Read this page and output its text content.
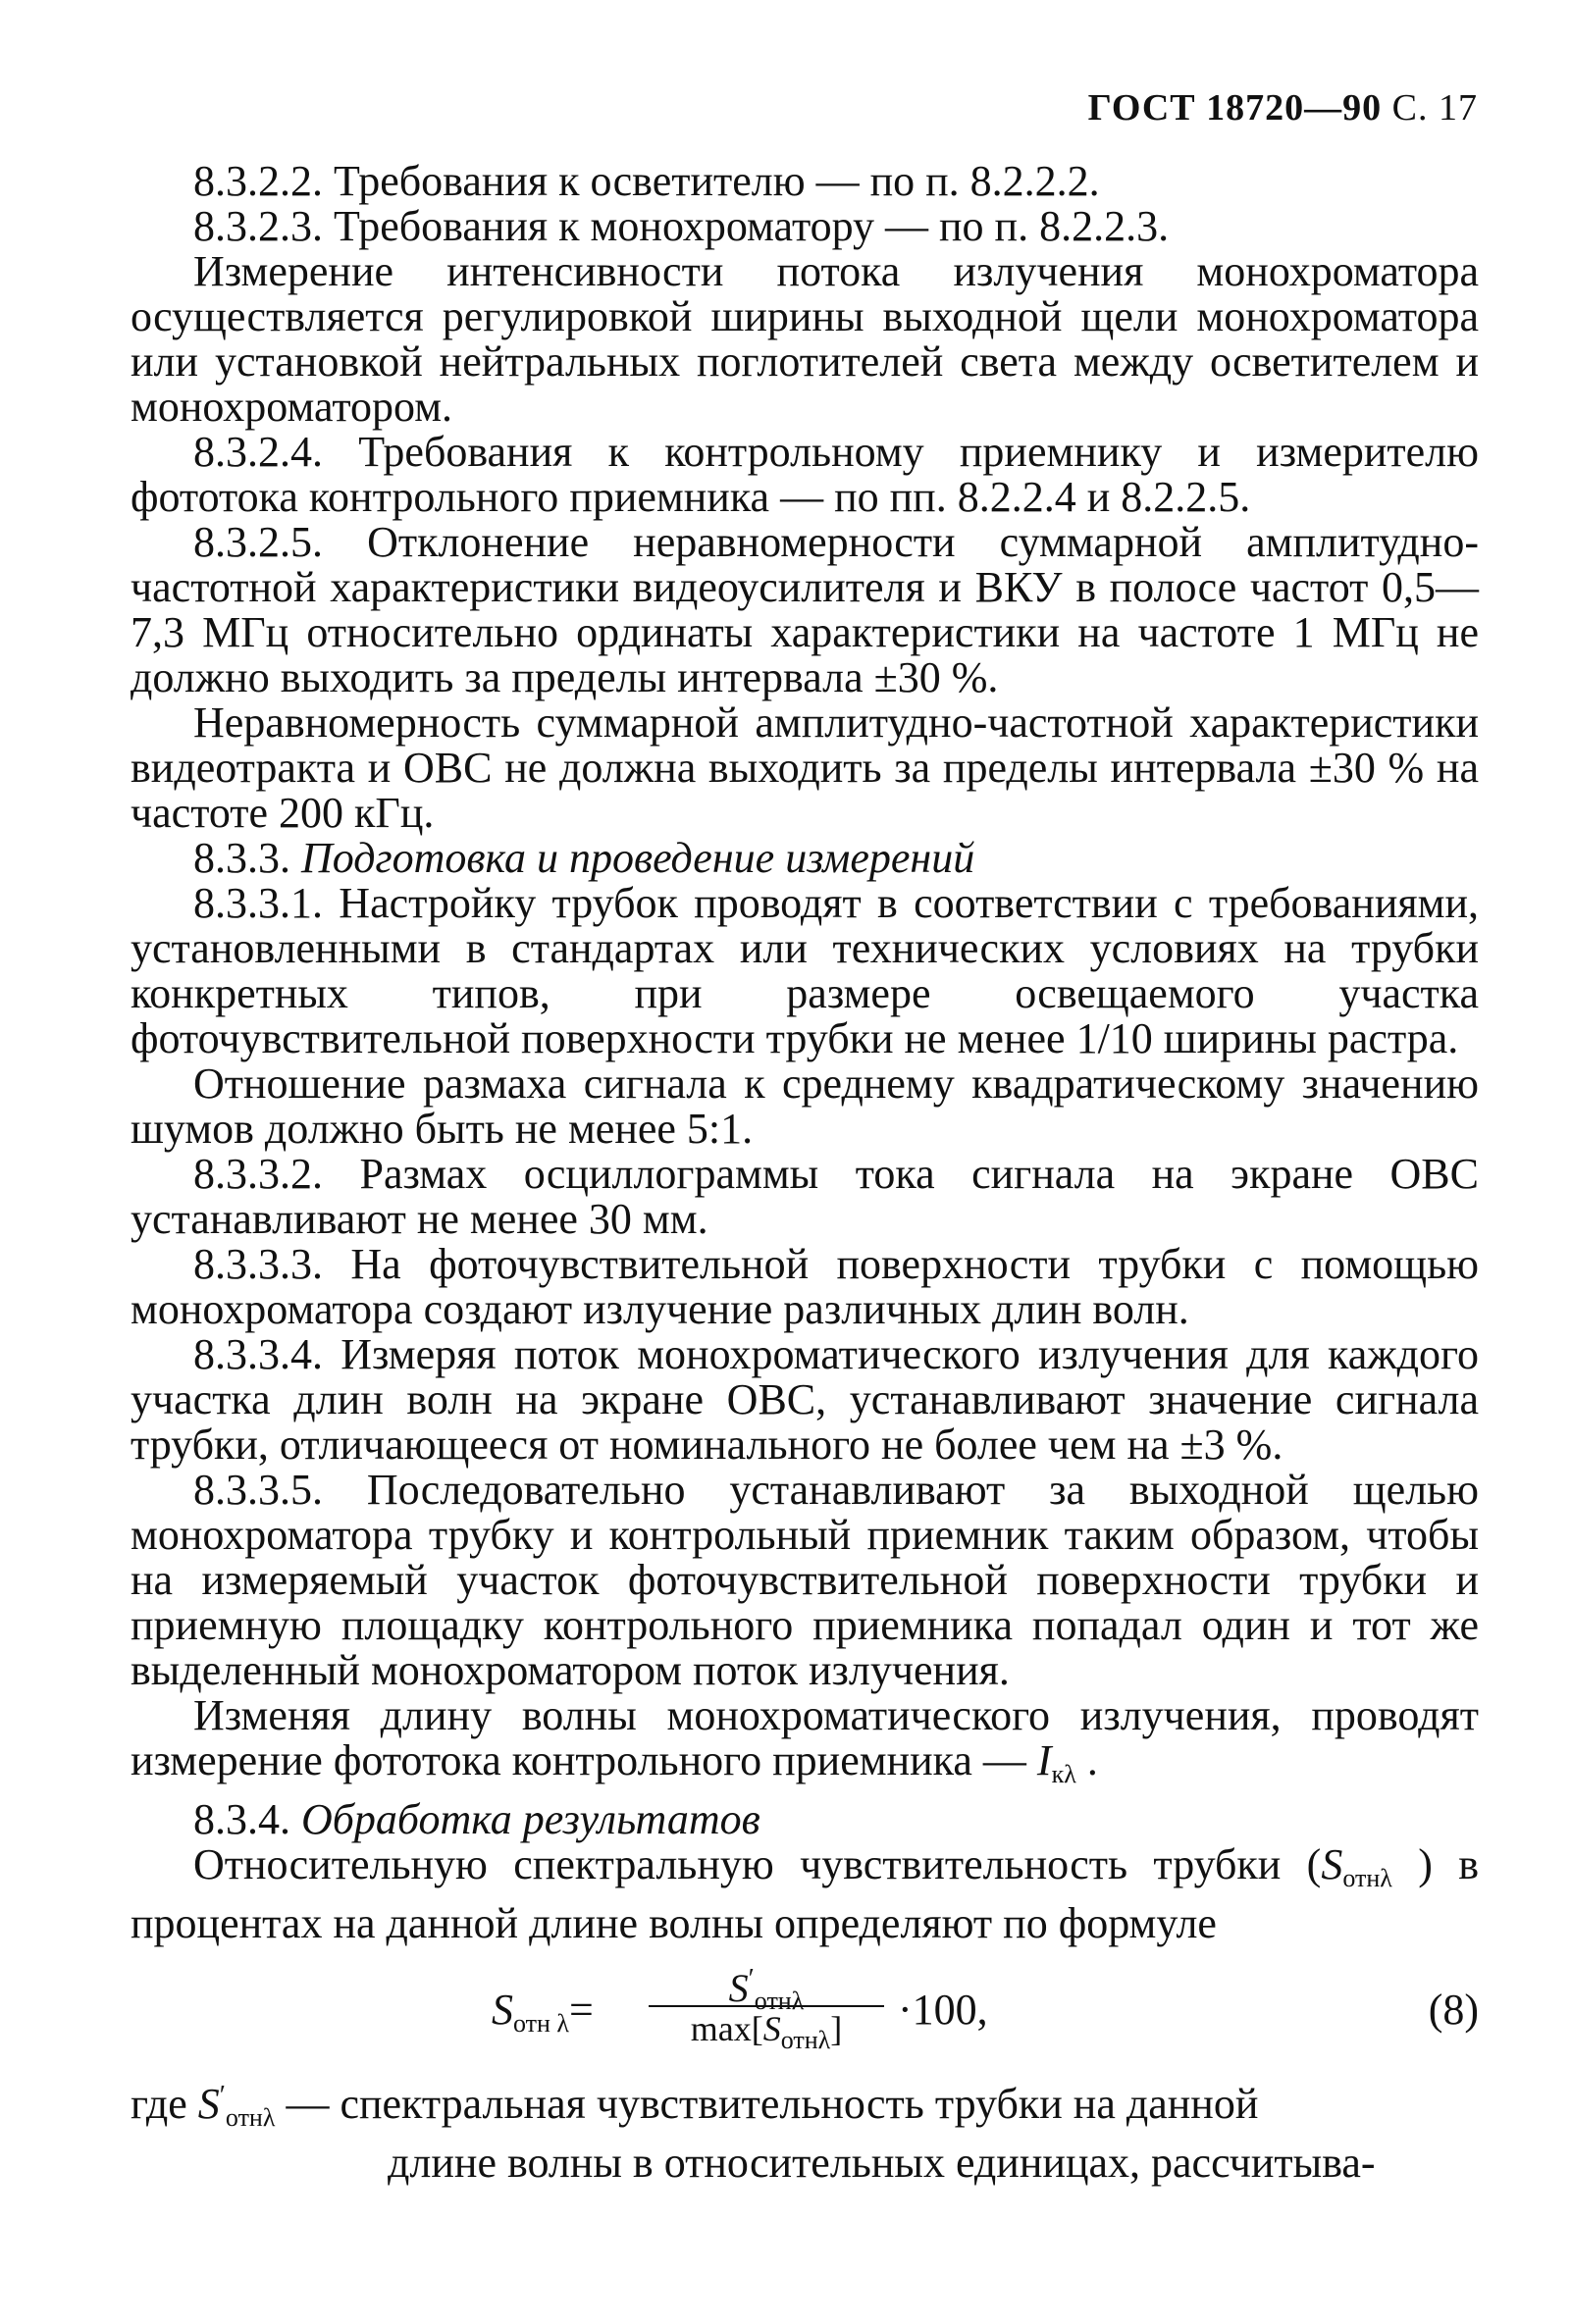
ГОСТ 18720—90 С. 17

8.3.2.2. Требования к осветителю — по п. 8.2.2.2.

8.3.2.3. Требования к монохроматору — по п. 8.2.2.3.

Измерение интенсивности потока излучения монохроматора осуществляется регулировкой ширины выходной щели монохроматора или установкой нейтральных поглотителей света между осветителем и монохроматором.

8.3.2.4. Требования к контрольному приемнику и измерителю фототока контрольного приемника — по пп. 8.2.2.4 и 8.2.2.5.

8.3.2.5. Отклонение неравномерности суммарной амплитудно-частотной характеристики видеоусилителя и ВКУ в полосе частот 0,5—7,3 МГц относительно ординаты характеристики на частоте 1 МГц не должно выходить за пределы интервала ±30 %.

Неравномерность суммарной амплитудно-частотной характеристики видеотракта и ОВС не должна выходить за пределы интервала ±30 % на частоте 200 кГц.

8.3.3. Подготовка и проведение измерений

8.3.3.1. Настройку трубок проводят в соответствии с требованиями, установленными в стандартах или технических условиях на трубки конкретных типов, при размере освещаемого участка фоточувствительной поверхности трубки не менее 1/10 ширины растра.

Отношение размаха сигнала к среднему квадратическому значению шумов должно быть не менее 5:1.

8.3.3.2. Размах осциллограммы тока сигнала на экране ОВС устанавливают не менее 30 мм.

8.3.3.3. На фоточувствительной поверхности трубки с помощью монохроматора создают излучение различных длин волн.

8.3.3.4. Измеряя поток монохроматического излучения для каждого участка длин волн на экране ОВС, устанавливают значение сигнала трубки, отличающееся от номинального не более чем на ±3 %.

8.3.3.5. Последовательно устанавливают за выходной щелью монохроматора трубку и контрольный приемник таким образом, чтобы на измеряемый участок фоточувствительной поверхности трубки и приемную площадку контрольного приемника попадал один и тот же выделенный монохроматором поток излучения.

Изменяя длину волны монохроматического излучения, проводят измерение фототока контрольного приемника — $I_{к\lambda}$ .

8.3.4. Обработка результатов

Относительную спектральную чувствительность трубки ($S_{отн\lambda}$ ) в процентах на данной длине волны определяют по формуле

$S_{отн \lambda}=$	$S'_{отн\lambda}$
$\max[S_{отн\lambda}]$	·100,	(8)

где $S'_{отн\lambda}$ — спектральная чувствительность трубки на данной

длине волны в относительных единицах, рассчитыва-
